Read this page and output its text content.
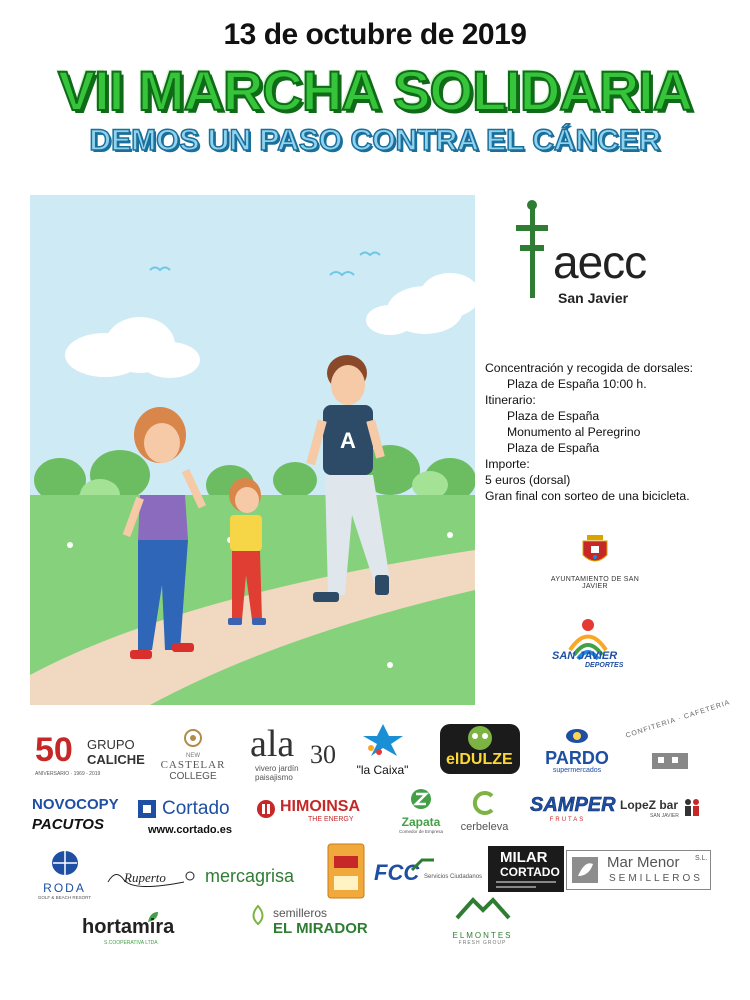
13 de octubre de 2019
VII MARCHA SOLIDARIA
DEMOS UN PASO CONTRA EL CÁNCER
A
aecc
San Javier
Concentración y recogida de dorsales:
Plaza de España 10:00 h.
Itinerario:
Plaza de España
Monumento al Peregrino
Plaza de España
Importe:
5 euros (dorsal)
Gran final con sorteo de una bicicleta.
AYUNTAMIENTO DE SAN JAVIER
SAN JAVIER
DEPORTES
50 GRUPO
CALICHE
ANIVERSARIO · 1969 - 2019
NEW
CASTELAR
COLLEGE
ala 30
vivero jardín
paisajismo
"la Caixa"
elDULZE	PARDO
supermercados
CONFITERIA · CAFETERIA
NOVOCOPY
PACUTOS
Cortado
www.cortado.es
HIMOINSA
THE ENERGY	Zapata
Comedor de Empresa	cerbeleva
SAMPER
FRUTAS
LopeZ bar
SAN JAVIER
RODA
GOLF & BEACH RESORT
Ruperto mercagrisa	FCC Servicios Ciudadanos
MILAR
CORTADO
Mar Menor S.L.
SEMILLEROS
hortamira
S.COOPERATIVA LTDA
semilleros
EL MIRADOR	ELMONTES
FRESH GROUP
